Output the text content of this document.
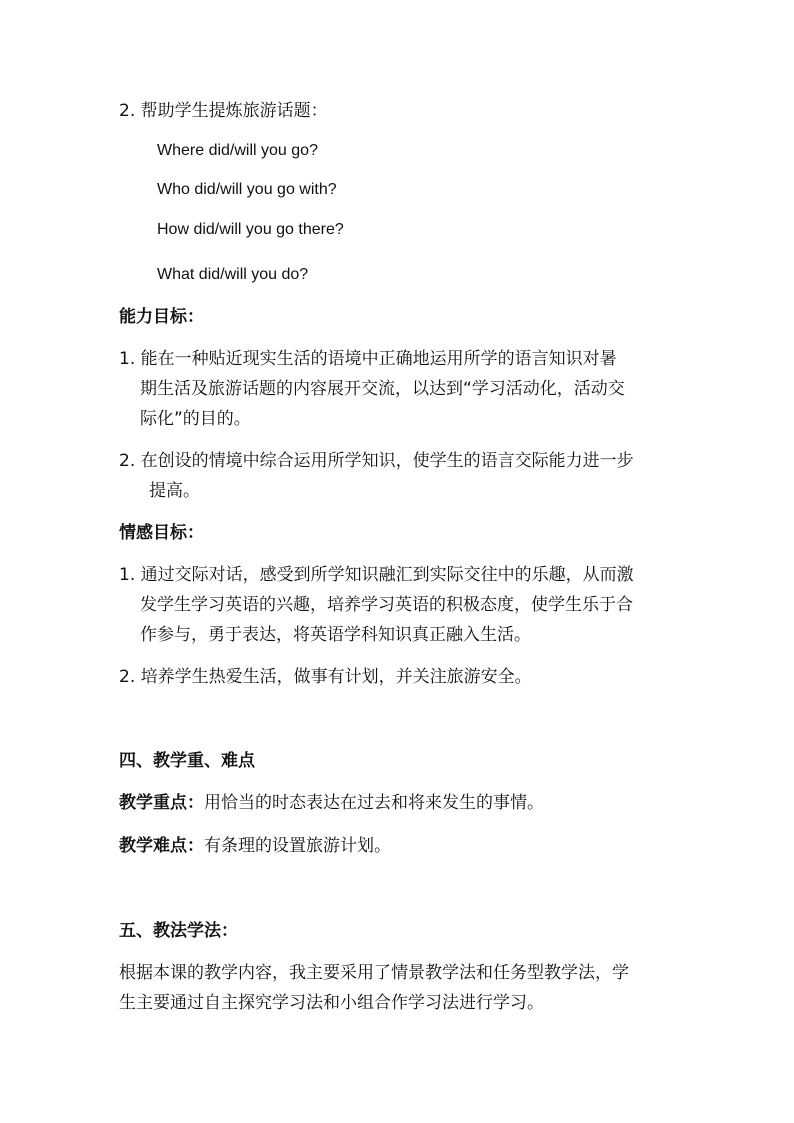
2. 帮助学生提炼旅游话题：
Where did/will you go?
Who did/will you go with?
How did/will you go there?
What did/will you do?
能力目标：
1. 能在一种贴近现实生活的语境中正确地运用所学的语言知识对暑
期生活及旅游话题的内容展开交流，以达到“学习活动化，活动交
际化”的目的。
2. 在创设的情境中综合运用所学知识，使学生的语言交际能力进一步
提高。
情感目标：
1. 通过交际对话，感受到所学知识融汇到实际交往中的乐趣，从而激
发学生学习英语的兴趣，培养学习英语的积极态度，使学生乐于合
作参与，勇于表达，将英语学科知识真正融入生活。
2. 培养学生热爱生活，做事有计划，并关注旅游安全。
四、教学重、难点
教学重点：用恰当的时态表达在过去和将来发生的事情。
教学难点：有条理的设置旅游计划。
五、教法学法：
根据本课的教学内容，我主要采用了情景教学法和任务型教学法，学
生主要通过自主探究学习法和小组合作学习法进行学习。
